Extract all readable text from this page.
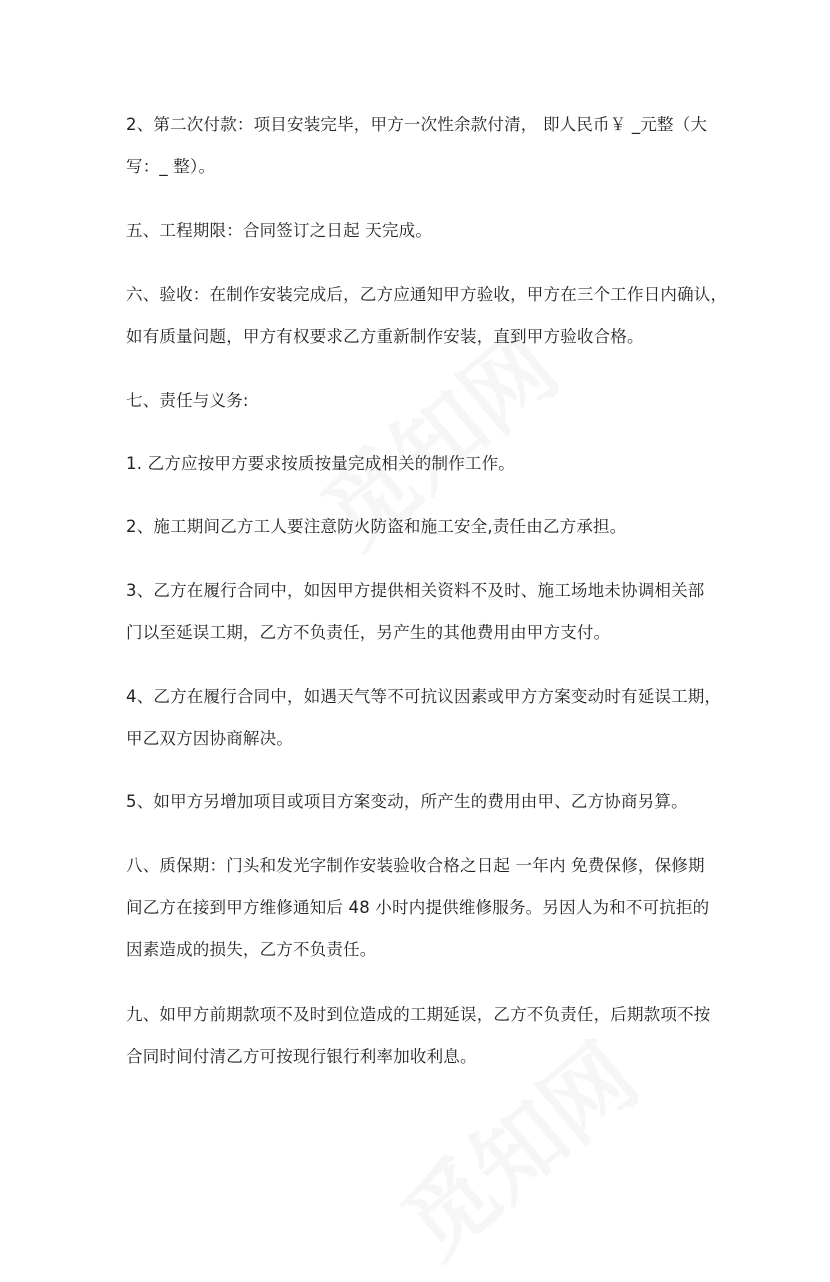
2、第二次付款：项目安装完毕，甲方一次性余款付清， 即人民币￥ _元整（大
写：_ 整）。
五、工程期限：合同签订之日起 天完成。
六、验收：在制作安装完成后，乙方应通知甲方验收，甲方在三个工作日内确认，
如有质量问题，甲方有权要求乙方重新制作安装，直到甲方验收合格。
七、责任与义务:
1. 乙方应按甲方要求按质按量完成相关的制作工作。
2、施工期间乙方工人要注意防火防盗和施工安全,责任由乙方承担。
3、乙方在履行合同中，如因甲方提供相关资料不及时、施工场地未协调相关部
门以至延误工期，乙方不负责任，另产生的其他费用由甲方支付。
4、乙方在履行合同中，如遇天气等不可抗议因素或甲方方案变动时有延误工期，
甲乙双方因协商解决。
5、如甲方另增加项目或项目方案变动，所产生的费用由甲、乙方协商另算。
八、质保期：门头和发光字制作安装验收合格之日起 一年内 免费保修，保修期
间乙方在接到甲方维修通知后 48 小时内提供维修服务。另因人为和不可抗拒的
因素造成的损失，乙方不负责任。
九、如甲方前期款项不及时到位造成的工期延误，乙方不负责任，后期款项不按
合同时间付清乙方可按现行银行利率加收利息。
